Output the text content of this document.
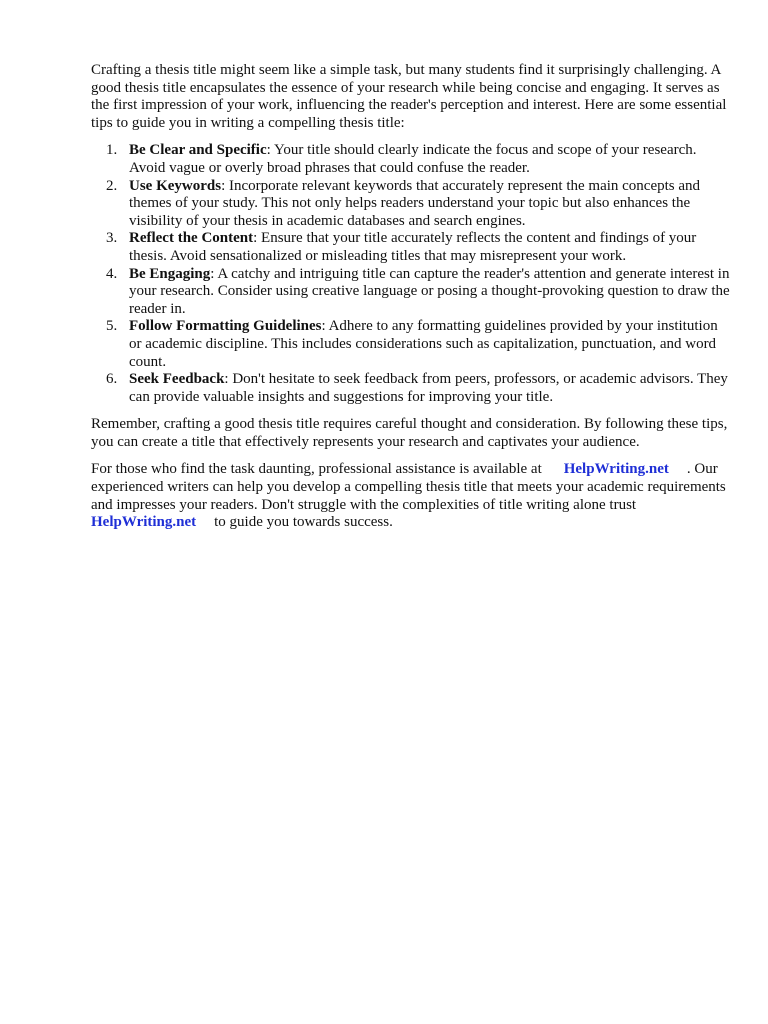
Crafting a thesis title might seem like a simple task, but many students find it surprisingly challenging. A good thesis title encapsulates the essence of your research while being concise and engaging. It serves as the first impression of your work, influencing the reader's perception and interest. Here are some essential tips to guide you in writing a compelling thesis title:

1. Be Clear and Specific: Your title should clearly indicate the focus and scope of your research. Avoid vague or overly broad phrases that could confuse the reader.
2. Use Keywords: Incorporate relevant keywords that accurately represent the main concepts and themes of your study. This not only helps readers understand your topic but also enhances the visibility of your thesis in academic databases and search engines.
3. Reflect the Content: Ensure that your title accurately reflects the content and findings of your thesis. Avoid sensationalized or misleading titles that may misrepresent your work.
4. Be Engaging: A catchy and intriguing title can capture the reader's attention and generate interest in your research. Consider using creative language or posing a thought-provoking question to draw the reader in.
5. Follow Formatting Guidelines: Adhere to any formatting guidelines provided by your institution or academic discipline. This includes considerations such as capitalization, punctuation, and word count.
6. Seek Feedback: Don't hesitate to seek feedback from peers, professors, or academic advisors. They can provide valuable insights and suggestions for improving your title.

Remember, crafting a good thesis title requires careful thought and consideration. By following these tips, you can create a title that effectively represents your research and captivates your audience.

For those who find the task daunting, professional assistance is available at HelpWriting.net . Our experienced writers can help you develop a compelling thesis title that meets your academic requirements and impresses your readers. Don't struggle with the complexities of title writing alone trustHelpWriting.net to guide you towards success.
